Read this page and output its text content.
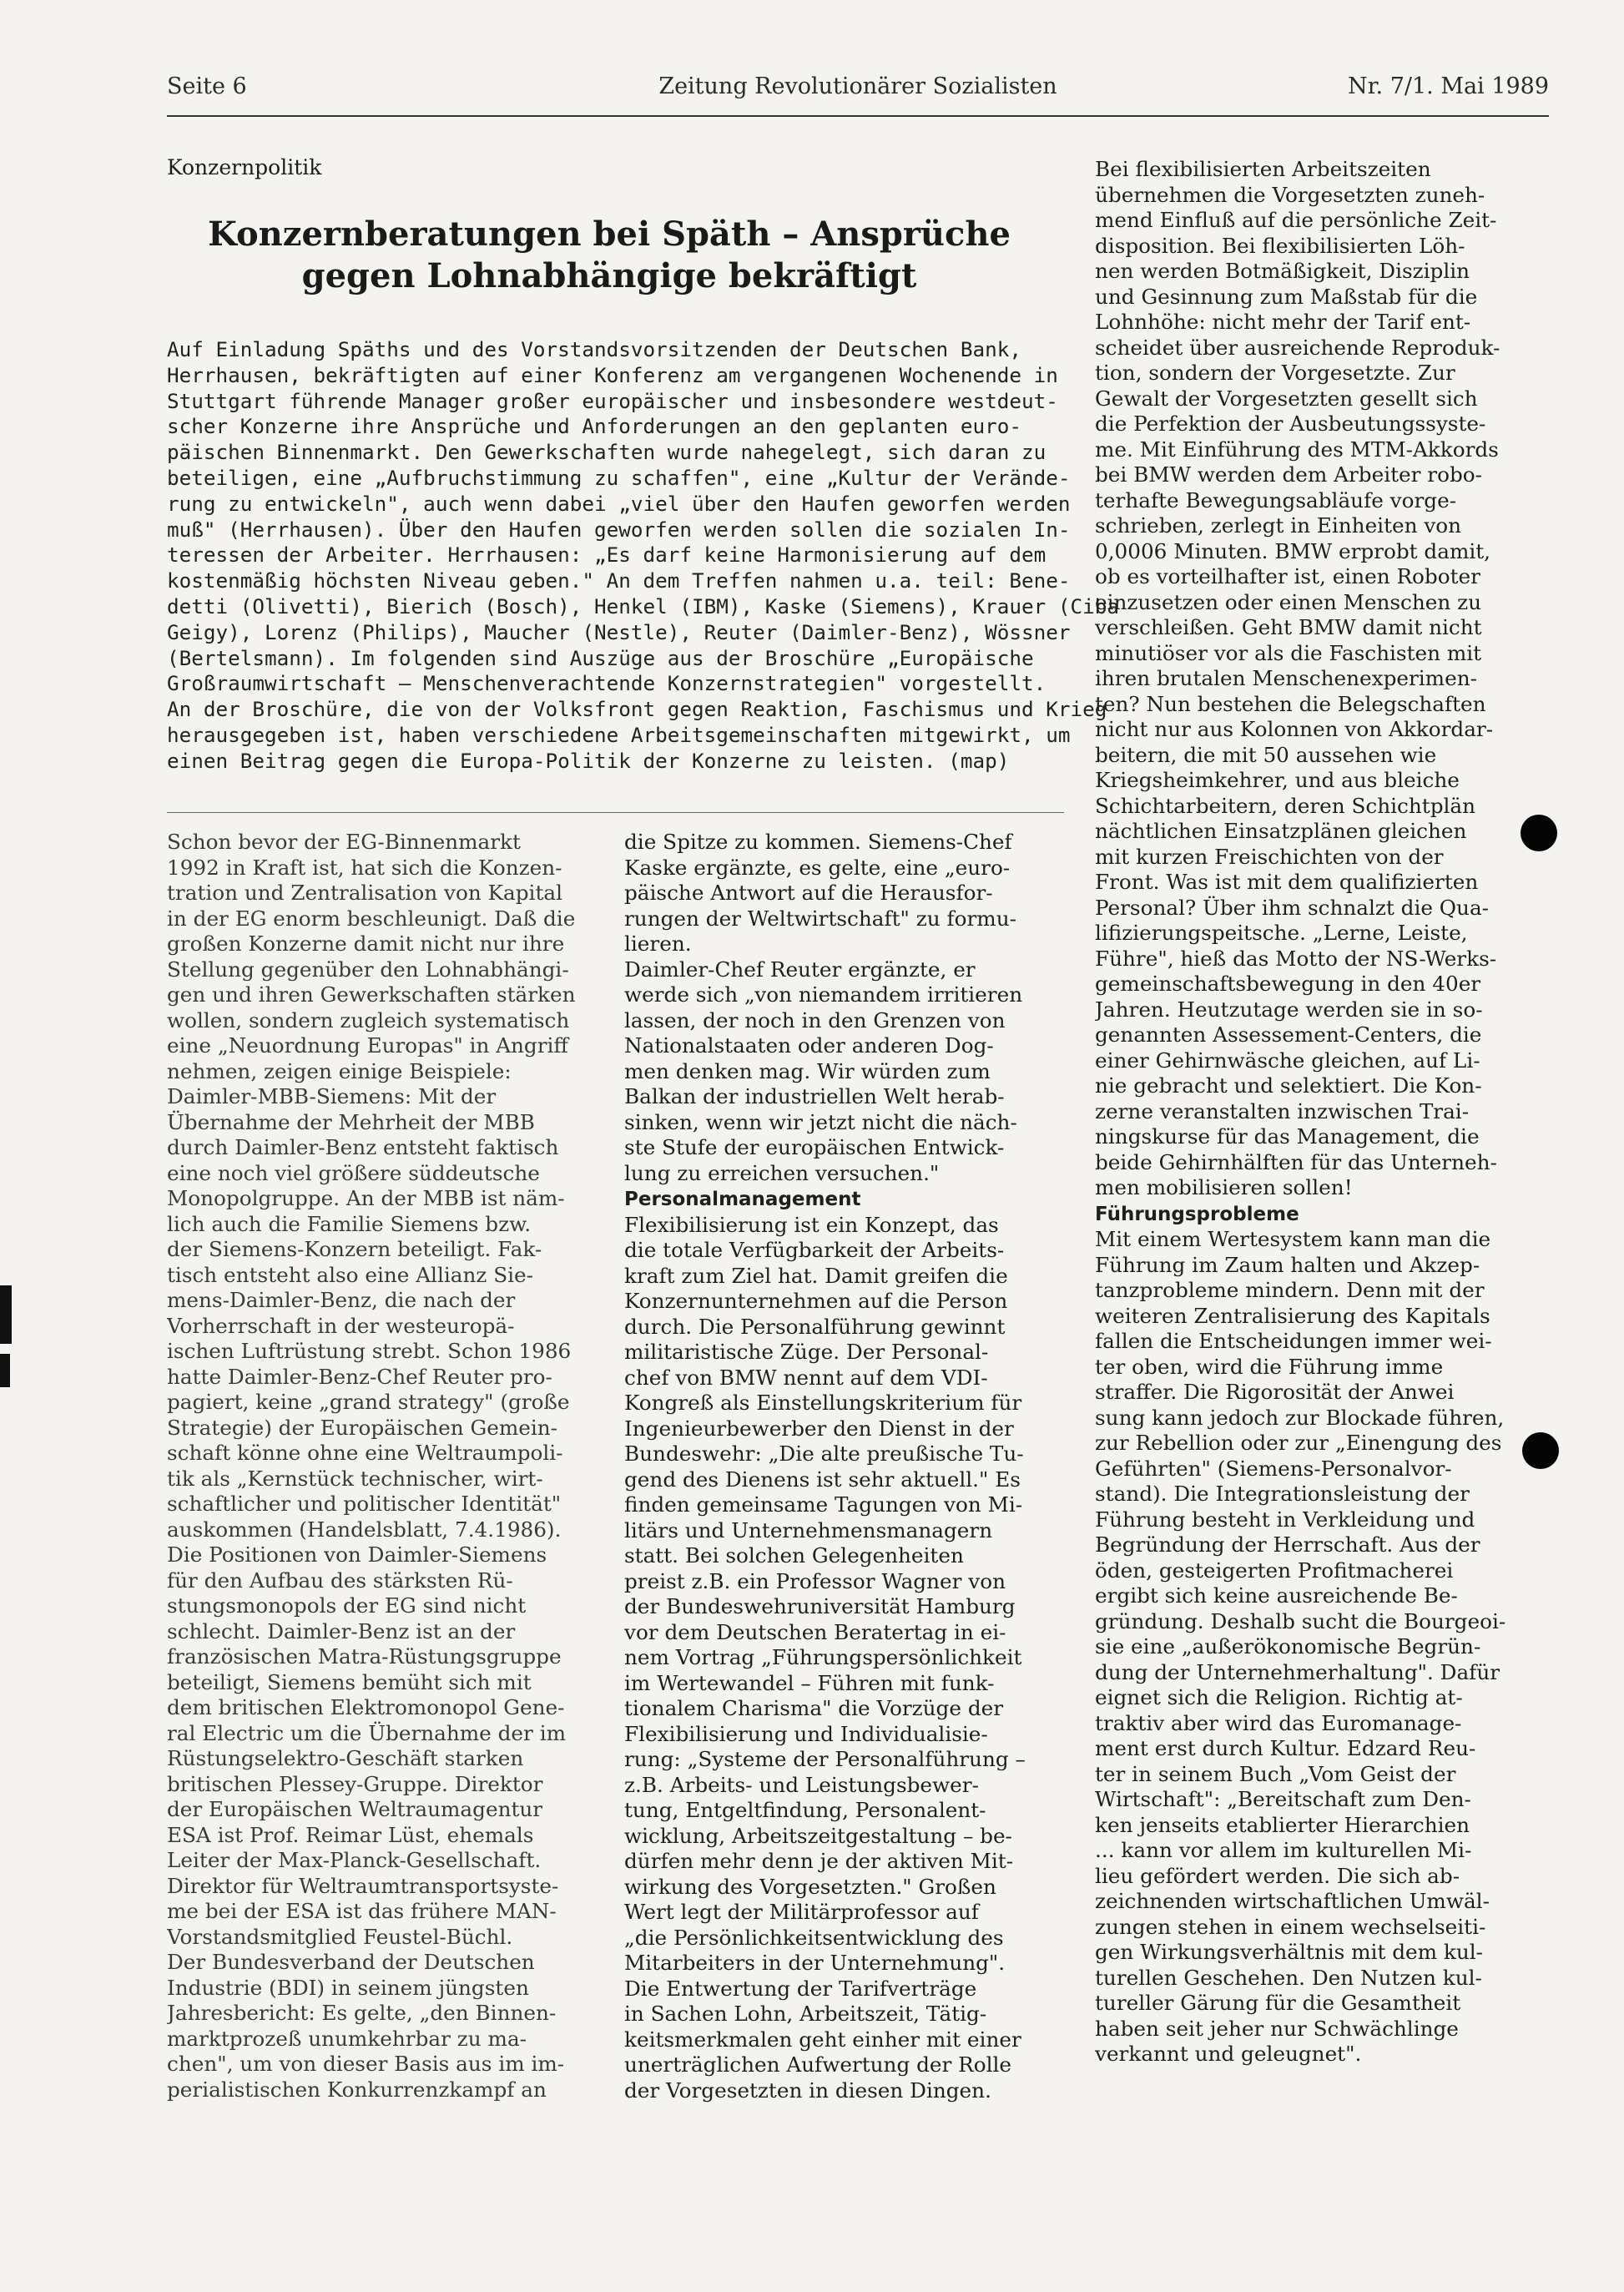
Seite 6	Zeitung Revolutionärer Sozialisten	Nr. 7/1. Mai 1989
Konzernpolitik
Konzernberatungen bei Späth – Ansprüche
gegen Lohnabhängige bekräftigt

Auf Einladung Späths und des Vorstandsvorsitzenden der Deutschen Bank,
Herrhausen, bekräftigten auf einer Konferenz am vergangenen Wochenende in
Stuttgart führende Manager großer europäischer und insbesondere westdeut-
scher Konzerne ihre Ansprüche und Anforderungen an den geplanten euro-
päischen Binnenmarkt. Den Gewerkschaften wurde nahegelegt, sich daran zu
beteiligen, eine „Aufbruchstimmung zu schaffen", eine „Kultur der Verände-
rung zu entwickeln", auch wenn dabei „viel über den Haufen geworfen werden
muß" (Herrhausen). Über den Haufen geworfen werden sollen die sozialen In-
teressen der Arbeiter. Herrhausen: „Es darf keine Harmonisierung auf dem
kostenmäßig höchsten Niveau geben." An dem Treffen nahmen u.a. teil: Bene-
detti (Olivetti), Bierich (Bosch), Henkel (IBM), Kaske (Siemens), Krauer (Ciba
Geigy), Lorenz (Philips), Maucher (Nestle), Reuter (Daimler-Benz), Wössner
(Bertelsmann). Im folgenden sind Auszüge aus der Broschüre „Europäische
Großraumwirtschaft – Menschenverachtende Konzernstrategien" vorgestellt.
An der Broschüre, die von der Volksfront gegen Reaktion, Faschismus und Krieg
herausgegeben ist, haben verschiedene Arbeitsgemeinschaften mitgewirkt, um
einen Beitrag gegen die Europa-Politik der Konzerne zu leisten. (map)

Schon bevor der EG-Binnenmarkt
1992 in Kraft ist, hat sich die Konzen-
tration und Zentralisation von Kapital
in der EG enorm beschleunigt. Daß die
großen Konzerne damit nicht nur ihre
Stellung gegenüber den Lohnabhängi-
gen und ihren Gewerkschaften stärken
wollen, sondern zugleich systematisch
eine „Neuordnung Europas" in Angriff
nehmen, zeigen einige Beispiele:
Daimler-MBB-Siemens: Mit der
Übernahme der Mehrheit der MBB
durch Daimler-Benz entsteht faktisch
eine noch viel größere süddeutsche
Monopolgruppe. An der MBB ist näm-
lich auch die Familie Siemens bzw.
der Siemens-Konzern beteiligt. Fak-
tisch entsteht also eine Allianz Sie-
mens-Daimler-Benz, die nach der
Vorherrschaft in der westeuropä-
ischen Luftrüstung strebt. Schon 1986
hatte Daimler-Benz-Chef Reuter pro-
pagiert, keine „grand strategy" (große
Strategie) der Europäischen Gemein-
schaft könne ohne eine Weltraumpoli-
tik als „Kernstück technischer, wirt-
schaftlicher und politischer Identität"
auskommen (Handelsblatt, 7.4.1986).
Die Positionen von Daimler-Siemens
für den Aufbau des stärksten Rü-
stungsmonopols der EG sind nicht
schlecht. Daimler-Benz ist an der
französischen Matra-Rüstungsgruppe
beteiligt, Siemens bemüht sich mit
dem britischen Elektromonopol Gene-
ral Electric um die Übernahme der im
Rüstungselektro-Geschäft starken
britischen Plessey-Gruppe. Direktor
der Europäischen Weltraumagentur
ESA ist Prof. Reimar Lüst, ehemals
Leiter der Max-Planck-Gesellschaft.
Direktor für Weltraumtransportsyste-
me bei der ESA ist das frühere MAN-
Vorstandsmitglied Feustel-Büchl.
Der Bundesverband der Deutschen
Industrie (BDI) in seinem jüngsten
Jahresbericht: Es gelte, „den Binnen-
marktprozeß unumkehrbar zu ma-
chen", um von dieser Basis aus im im-
perialistischen Konkurrenzkampf an

die Spitze zu kommen. Siemens-Chef
Kaske ergänzte, es gelte, eine „euro-
päische Antwort auf die Herausfor-
rungen der Weltwirtschaft" zu formu-
lieren.
Daimler-Chef Reuter ergänzte, er
werde sich „von niemandem irritieren
lassen, der noch in den Grenzen von
Nationalstaaten oder anderen Dog-
men denken mag. Wir würden zum
Balkan der industriellen Welt herab-
sinken, wenn wir jetzt nicht die näch-
ste Stufe der europäischen Entwick-
lung zu erreichen versuchen."
Personalmanagement
Flexibilisierung ist ein Konzept, das
die totale Verfügbarkeit der Arbeits-
kraft zum Ziel hat. Damit greifen die
Konzernunternehmen auf die Person
durch. Die Personalführung gewinnt
militaristische Züge. Der Personal-
chef von BMW nennt auf dem VDI-
Kongreß als Einstellungskriterium für
Ingenieurbewerber den Dienst in der
Bundeswehr: „Die alte preußische Tu-
gend des Dienens ist sehr aktuell." Es
finden gemeinsame Tagungen von Mi-
litärs und Unternehmensmanagern
statt. Bei solchen Gelegenheiten
preist z.B. ein Professor Wagner von
der Bundeswehruniversität Hamburg
vor dem Deutschen Beratertag in ei-
nem Vortrag „Führungspersönlichkeit
im Wertewandel – Führen mit funk-
tionalem Charisma" die Vorzüge der
Flexibilisierung und Individualisie-
rung: „Systeme der Personalführung –
z.B. Arbeits- und Leistungsbewer-
tung, Entgeltfindung, Personalent-
wicklung, Arbeitszeitgestaltung – be-
dürfen mehr denn je der aktiven Mit-
wirkung des Vorgesetzten." Großen
Wert legt der Militärprofessor auf
„die Persönlichkeitsentwicklung des
Mitarbeiters in der Unternehmung".
Die Entwertung der Tarifverträge
in Sachen Lohn, Arbeitszeit, Tätig-
keitsmerkmalen geht einher mit einer
unerträglichen Aufwertung der Rolle
der Vorgesetzten in diesen Dingen.

Bei flexibilisierten Arbeitszeiten
übernehmen die Vorgesetzten zuneh-
mend Einfluß auf die persönliche Zeit-
disposition. Bei flexibilisierten Löh-
nen werden Botmäßigkeit, Disziplin
und Gesinnung zum Maßstab für die
Lohnhöhe: nicht mehr der Tarif ent-
scheidet über ausreichende Reproduk-
tion, sondern der Vorgesetzte. Zur
Gewalt der Vorgesetzten gesellt sich
die Perfektion der Ausbeutungssyste-
me. Mit Einführung des MTM-Akkords
bei BMW werden dem Arbeiter robo-
terhafte Bewegungsabläufe vorge-
schrieben, zerlegt in Einheiten von
0,0006 Minuten. BMW erprobt damit,
ob es vorteilhafter ist, einen Roboter
einzusetzen oder einen Menschen zu
verschleißen. Geht BMW damit nicht
minutiöser vor als die Faschisten mit
ihren brutalen Menschenexperimen-
ten? Nun bestehen die Belegschaften
nicht nur aus Kolonnen von Akkordar-
beitern, die mit 50 aussehen wie
Kriegsheimkehrer, und aus bleiche
Schichtarbeitern, deren Schichtplän
nächtlichen Einsatzplänen gleichen
mit kurzen Freischichten von der
Front. Was ist mit dem qualifizierten
Personal? Über ihm schnalzt die Qua-
lifizierungspeitsche. „Lerne, Leiste,
Führe", hieß das Motto der NS-Werks-
gemeinschaftsbewegung in den 40er
Jahren. Heutzutage werden sie in so-
genannten Assessement-Centers, die
einer Gehirnwäsche gleichen, auf Li-
nie gebracht und selektiert. Die Kon-
zerne veranstalten inzwischen Trai-
ningskurse für das Management, die
beide Gehirnhälften für das Unterneh-
men mobilisieren sollen!
Führungsprobleme
Mit einem Wertesystem kann man die
Führung im Zaum halten und Akzep-
tanzprobleme mindern. Denn mit der
weiteren Zentralisierung des Kapitals
fallen die Entscheidungen immer wei-
ter oben, wird die Führung imme
straffer. Die Rigorosität der Anwei
sung kann jedoch zur Blockade führen,
zur Rebellion oder zur „Einengung des
Geführten" (Siemens-Personalvor-
stand). Die Integrationsleistung der
Führung besteht in Verkleidung und
Begründung der Herrschaft. Aus der
öden, gesteigerten Profitmacherei
ergibt sich keine ausreichende Be-
gründung. Deshalb sucht die Bourgeoi-
sie eine „außerökonomische Begrün-
dung der Unternehmerhaltung". Dafür
eignet sich die Religion. Richtig at-
traktiv aber wird das Euromanage-
ment erst durch Kultur. Edzard Reu-
ter in seinem Buch „Vom Geist der
Wirtschaft": „Bereitschaft zum Den-
ken jenseits etablierter Hierarchien
... kann vor allem im kulturellen Mi-
lieu gefördert werden. Die sich ab-
zeichnenden wirtschaftlichen Umwäl-
zungen stehen in einem wechselseiti-
gen Wirkungsverhältnis mit dem kul-
turellen Geschehen. Den Nutzen kul-
tureller Gärung für die Gesamtheit
haben seit jeher nur Schwächlinge
verkannt und geleugnet".
